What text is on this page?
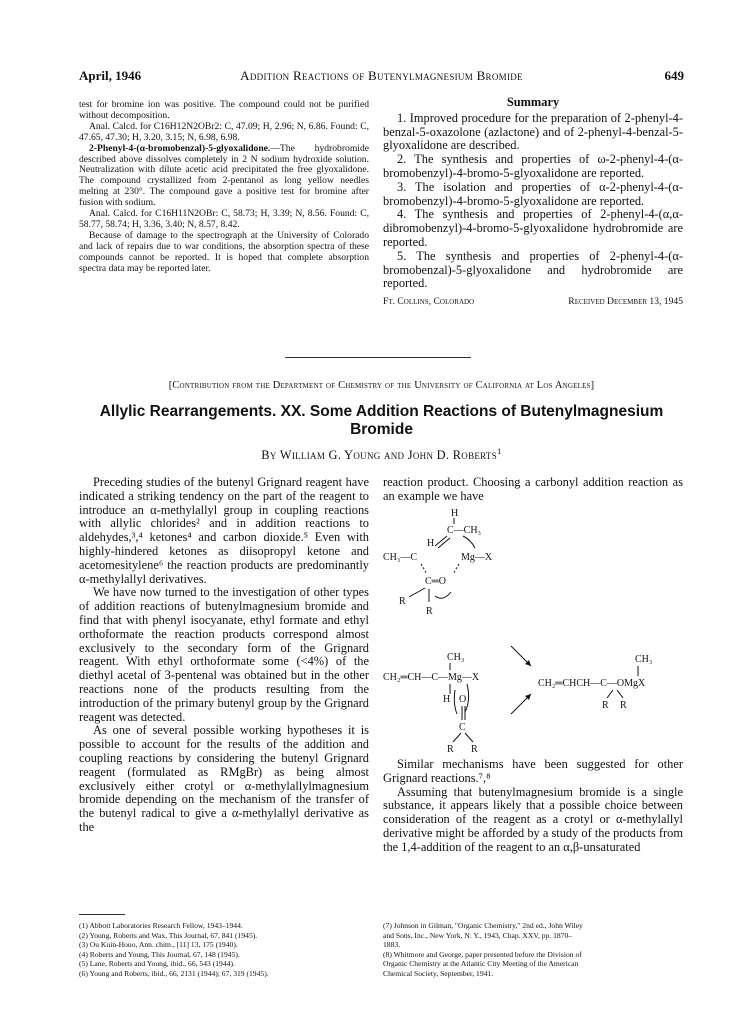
April, 1946	Addition Reactions of Butenylmagnesium Bromide	649

test for bromine ion was positive. The compound could not be purified without decomposition.

Anal. Calcd. for C16H12N2OBr2: C, 47.09; H, 2.96; N, 6.86. Found: C, 47.65, 47.30; H, 3.20, 3.15; N, 6.98, 6.98.

2-Phenyl-4-(α-bromobenzal)-5-glyoxalidone.—The hydrobromide described above dissolves completely in 2 N sodium hydroxide solution. Neutralization with dilute acetic acid precipitated the free glyoxalidone. The compound crystallized from 2-pentanol as long yellow needles melting at 230°. The compound gave a positive test for bromine after fusion with sodium.

Anal. Calcd. for C16H11N2OBr: C, 58.73; H, 3.39; N, 8.56. Found: C, 58.77, 58.74; H, 3.36, 3.40; N, 8.57, 8.42.

Because of damage to the spectrograph at the University of Colorado and lack of repairs due to war conditions, the absorption spectra of these compounds cannot be reported. It is hoped that complete absorption spectra data may be reported later.

Summary

1. Improved procedure for the preparation of 2-phenyl-4-benzal-5-oxazolone (azlactone) and of 2-phenyl-4-benzal-5-glyoxalidone are described.

2. The synthesis and properties of ω-2-phenyl-4-(α-bromobenzyl)-4-bromo-5-glyoxalidone are reported.

3. The isolation and properties of α-2-phenyl-4-(α-bromobenzyl)-4-bromo-5-glyoxalidone are reported.

4. The synthesis and properties of 2-phenyl-4-(α,α-dibromobenzyl)-4-bromo-5-glyoxalidone hydrobromide are reported.

5. The synthesis and properties of 2-phenyl-4-(α-bromobenzal)-5-glyoxalidone and hydrobromide are reported.

Ft. Collins, Colorado	Received December 13, 1945
[Contribution from the Department of Chemistry of the University of California at Los Angeles]
Allylic Rearrangements. XX. Some Addition Reactions of Butenylmagnesium Bromide
By William G. Young and John D. Roberts$^1$

Preceding studies of the butenyl Grignard reagent have indicated a striking tendency on the part of the reagent to introduce an α-methylallyl group in coupling reactions with allylic chlorides² and in addition reactions to aldehydes,³,⁴ ketones⁴ and carbon dioxide.⁵ Even with highly-hindered ketones as diisopropyl ketone and acetomesitylene⁶ the reaction products are predominantly α-methylallyl derivatives.

We have now turned to the investigation of other types of addition reactions of butenylmagnesium bromide and find that with phenyl isocyanate, ethyl formate and ethyl orthoformate the reaction products correspond almost exclusively to the secondary form of the Grignard reagent. With ethyl orthoformate some (<4%) of the diethyl acetal of 3-pentenal was obtained but in the other reactions none of the products resulting from the introduction of the primary butenyl group by the Grignard reagent was detected.

As one of several possible working hypotheses it is possible to account for the results of the addition and coupling reactions by considering the butenyl Grignard reagent (formulated as RMgBr) as being almost exclusively either crotyl or α-methylallylmagnesium bromide depending on the mechanism of the transfer of the butenyl radical to give a α-methylallyl derivative as the

reaction product. Choosing a carbonyl addition reaction as an example we have

H
C—CH₃
H
CH₃—C	Mg—X
C═O
R
R
CH₃
CH₂═CHCH—C—OMgX
R R
CH₃
CH₂═CH—C—Mg—X
H O
C
R R

Similar mechanisms have been suggested for other Grignard reactions.⁷,⁸

Assuming that butenylmagnesium bromide is a single substance, it appears likely that a possible choice between consideration of the reagent as a crotyl or α-methylallyl derivative might be afforded by a study of the products from the 1,4-addition of the reagent to an α,β-unsaturated

(1) Abbott Laboratories Research Fellow, 1943–1944.
(2) Young, Roberts and Wax, This Journal, 67, 841 (1945).
(3) Ou Kuin-Houo, Ann. chim., [11] 13, 175 (1940).
(4) Roberts and Young, This Journal, 67, 148 (1945).
(5) Lane, Roberts and Young, ibid., 66, 543 (1944).
(6) Young and Roberts, ibid., 66, 2131 (1944); 67, 319 (1945).
(7) Johnson in Gilman, "Organic Chemistry," 2nd ed., John Wiley
and Sons, Inc., New York, N. Y., 1943, Chap. XXV, pp. 1870–
1883.
(8) Whitmore and George, paper presented before the Division of
Organic Chemistry at the Atlantic City Meeting of the American
Chemical Society, September, 1941.
